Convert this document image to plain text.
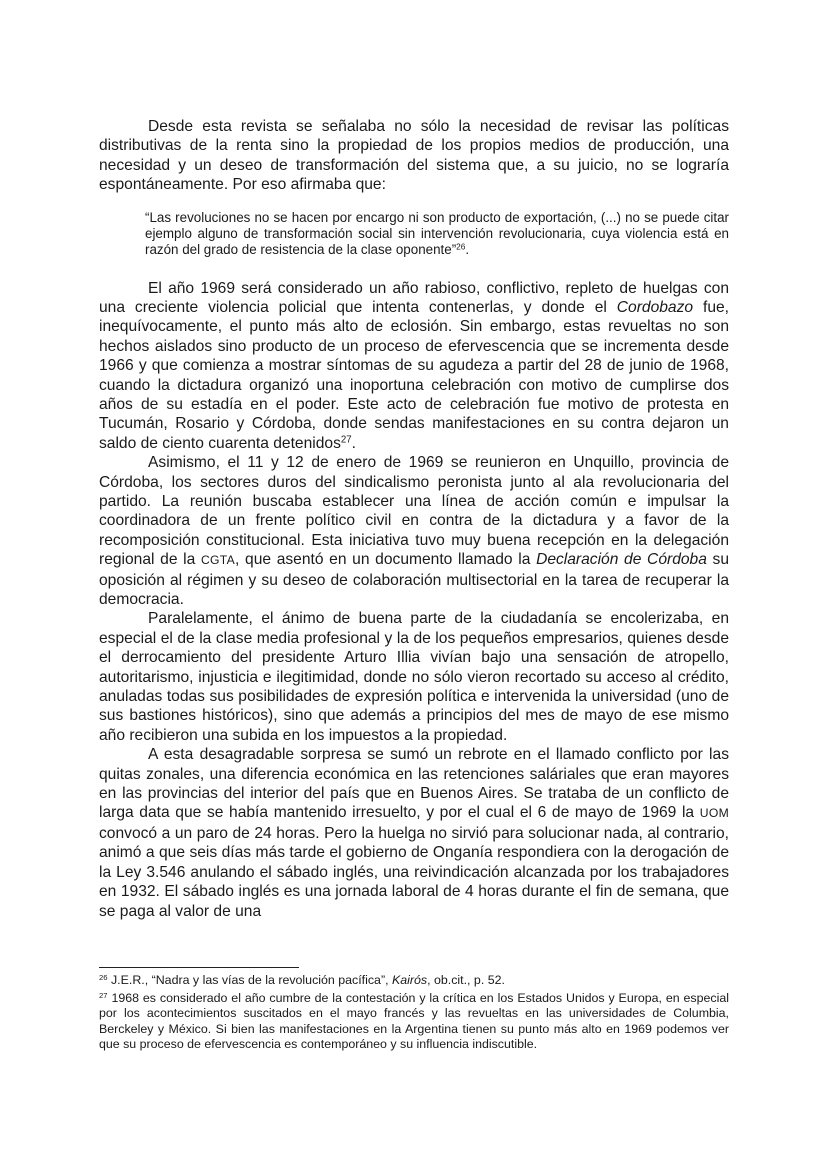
Desde esta revista se señalaba no sólo la necesidad de revisar las políticas distributivas de la renta sino la propiedad de los propios medios de producción, una necesidad y un deseo de transformación del sistema que, a su juicio, no se lograría espontáneamente. Por eso afirmaba que:

“Las revoluciones no se hacen por encargo ni son producto de exportación, (...) no se puede citar ejemplo alguno de transformación social sin intervención revolucionaria, cuya violencia está en razón del grado de resistencia de la clase oponente”$^{26}$.

El año 1969 será considerado un año rabioso, conflictivo, repleto de huelgas con una creciente violencia policial que intenta contenerlas, y donde el Cordobazo fue, inequívocamente, el punto más alto de eclosión. Sin embargo, estas revueltas no son hechos aislados sino producto de un proceso de efervescencia que se incrementa desde 1966 y que comienza a mostrar síntomas de su agudeza a partir del 28 de junio de 1968, cuando la dictadura organizó una inoportuna celebración con motivo de cumplirse dos años de su estadía en el poder. Este acto de celebración fue motivo de protesta en Tucumán, Rosario y Córdoba, donde sendas manifestaciones en su contra dejaron un saldo de ciento cuarenta detenidos$^{27}$.

Asimismo, el 11 y 12 de enero de 1969 se reunieron en Unquillo, provincia de Córdoba, los sectores duros del sindicalismo peronista junto al ala revolucionaria del partido. La reunión buscaba establecer una línea de acción común e impulsar la coordinadora de un frente político civil en contra de la dictadura y a favor de la recomposición constitucional. Esta iniciativa tuvo muy buena recepción en la delegación regional de la CGTA, que asentó en un documento llamado la Declaración de Córdoba su oposición al régimen y su deseo de colaboración multisectorial en la tarea de recuperar la democracia.

Paralelamente, el ánimo de buena parte de la ciudadanía se encolerizaba, en especial el de la clase media profesional y la de los pequeños empresarios, quienes desde el derrocamiento del presidente Arturo Illia vivían bajo una sensación de atropello, autoritarismo, injusticia e ilegitimidad, donde no sólo vieron recortado su acceso al crédito, anuladas todas sus posibilidades de expresión política e intervenida la universidad (uno de sus bastiones históricos), sino que además a principios del mes de mayo de ese mismo año recibieron una subida en los impuestos a la propiedad.

A esta desagradable sorpresa se sumó un rebrote en el llamado conflicto por las quitas zonales, una diferencia económica en las retenciones saláriales que eran mayores en las provincias del interior del país que en Buenos Aires. Se trataba de un conflicto de larga data que se había mantenido irresuelto, y por el cual el 6 de mayo de 1969 la UOM convocó a un paro de 24 horas. Pero la huelga no sirvió para solucionar nada, al contrario, animó a que seis días más tarde el gobierno de Onganía respondiera con la derogación de la Ley 3.546 anulando el sábado inglés, una reivindicación alcanzada por los trabajadores en 1932. El sábado inglés es una jornada laboral de 4 horas durante el fin de semana, que se paga al valor de una

$^{26}$ J.E.R., “Nadra y las vías de la revolución pacífica”, Kairós, ob.cit., p. 52.

$^{27}$ 1968 es considerado el año cumbre de la contestación y la crítica en los Estados Unidos y Europa, en especial por los acontecimientos suscitados en el mayo francés y las revueltas en las universidades de Columbia, Berckeley y México. Si bien las manifestaciones en la Argentina tienen su punto más alto en 1969 podemos ver que su proceso de efervescencia es contemporáneo y su influencia indiscutible.
